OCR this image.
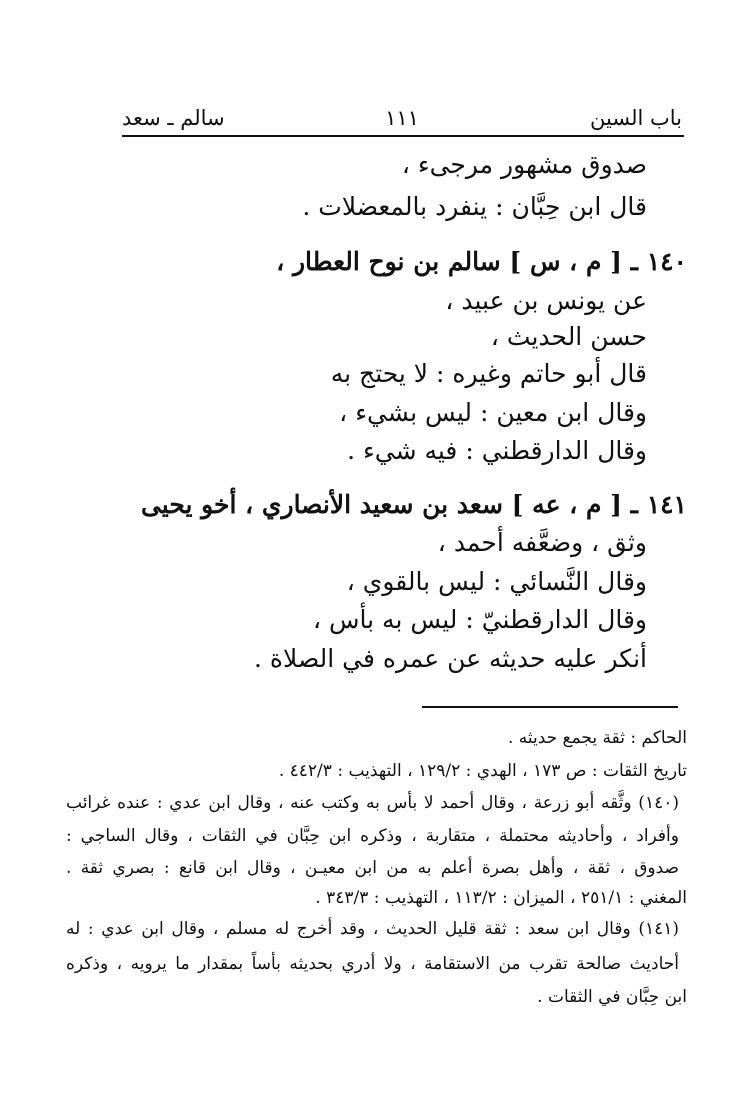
باب السين
١١١
سالم ـ سعد
صدوق مشهور مرجىء ،
قال ابن حِبَّان : ينفرد بالمعضلات .
١٤٠ ـ [ م ، س ] سالم بن نوح العطار ،
عن يونس بن عبيد ،
حسن الحديث ،
قال أبو حاتم وغيره : لا يحتج به
وقال ابن معين : ليس بشيء ،
وقال الدارقطني : فيه شيء .
١٤١ ـ [ م ، عه ] سعد بن سعيد الأنصاري ، أخو يحيى
وثق ، وضعَّفه أحمد ،
وقال النَّسائي : ليس بالقوي ،
وقال الدارقطنيّ : ليس به بأس ،
أنكر عليه حديثه عن عمره في الصلاة .
الحاكم : ثقة يجمع حديثه .
تاريخ الثقات : ص ١٧٣ ، الهدي : ١٢٩/٢ ، التهذيب : ٤٤٢/٣ .
(١٤٠) وثَّقه أبو زرعة ، وقال أحمد لا بأس به وكتب عنه ، وقال ابن عدي : عنده غرائب
وأفراد ، وأحاديثه محتملة ، متقاربة ، وذكره ابن حِبَّان في الثقات ، وقال الساجي :
صدوق ، ثقة ، وأهل بصرة أعلم به من ابن معيـن ، وقال ابن قانع : بصري ثقة .
المغني : ٢٥١/١ ، الميزان : ١١٣/٢ ، التهذيب : ٣٤٣/٣ .
(١٤١) وقال ابن سعد : ثقة قليل الحديث ، وقد أخرج له مسلم ، وقال ابن عدي : له
أحاديث صالحة تقرب من الاستقامة ، ولا أدري بحديثه بأساً بمقدار ما يرويه ، وذكره
ابن حِبَّان في الثقات .
